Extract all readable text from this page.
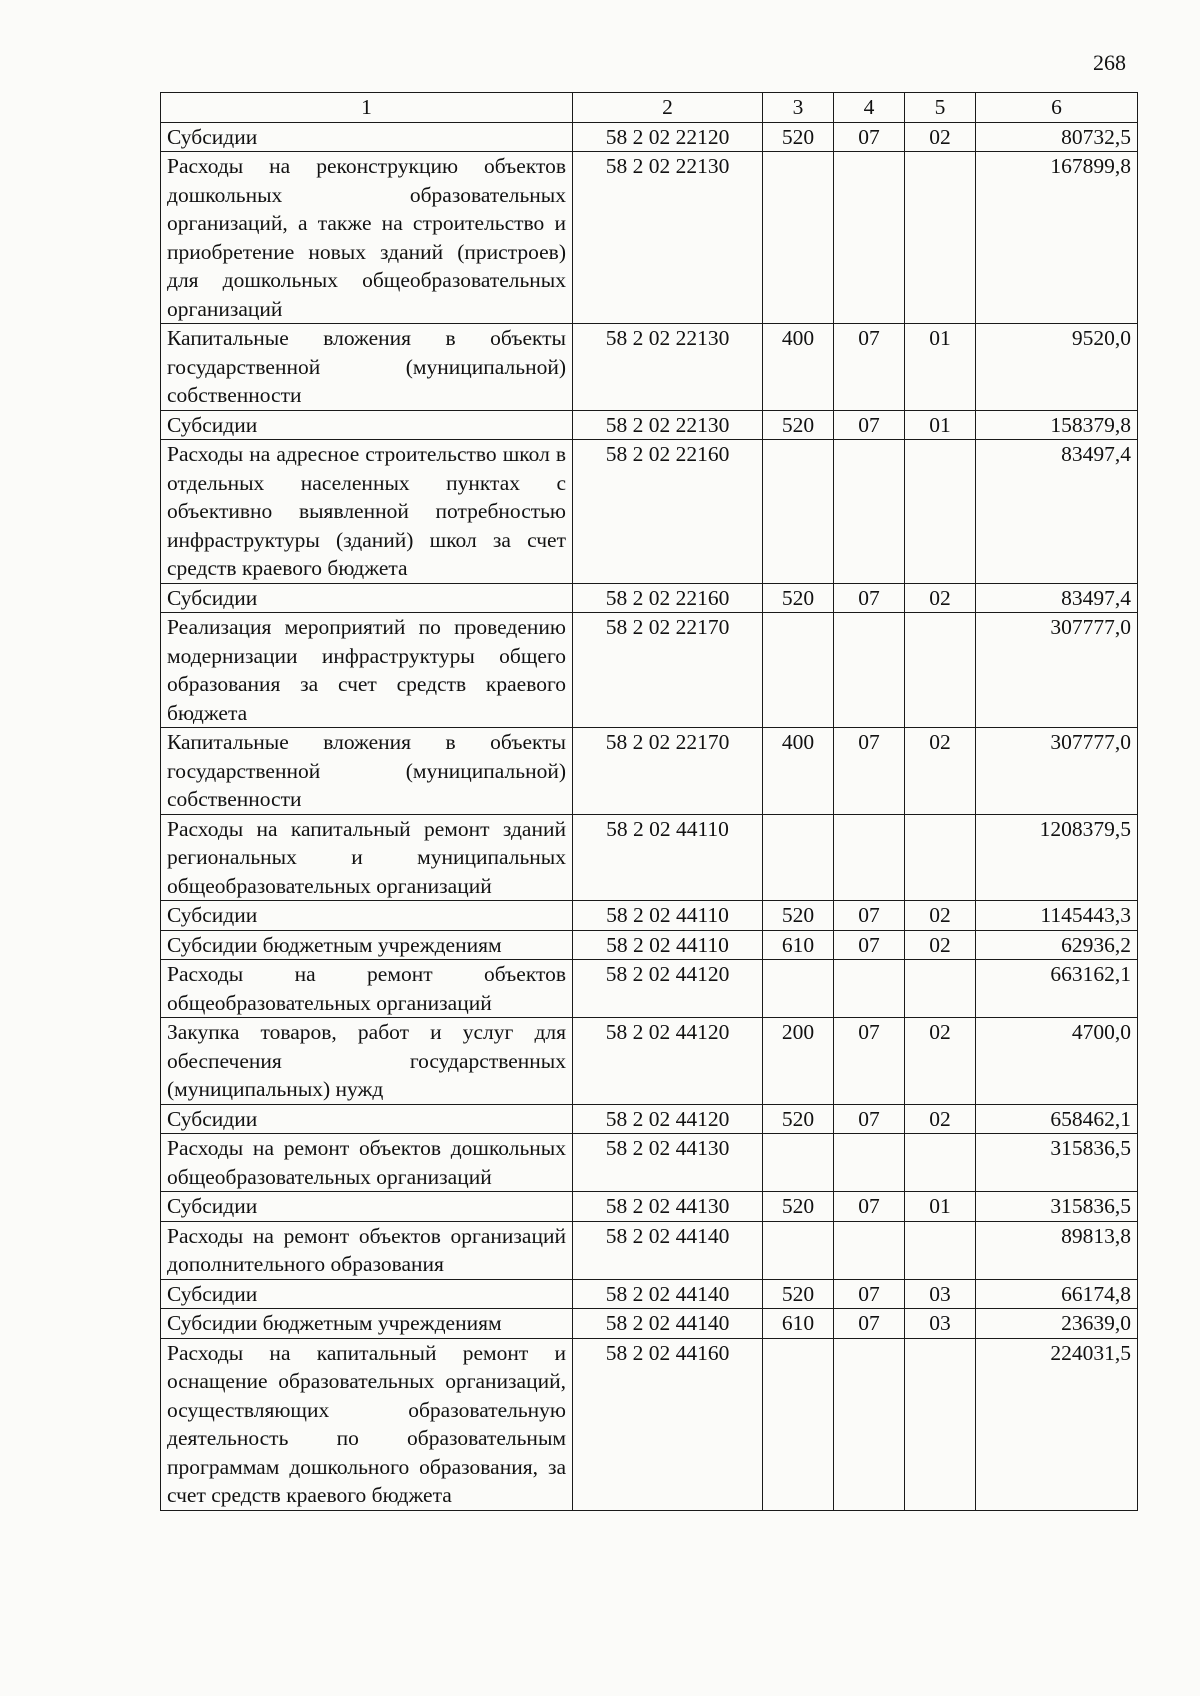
268
1	2	3	4	5	6
Субсидии	58 2 02 22120	520	07	02	80732,5
Расходы на реконструкцию объектов дошкольных образовательных организаций, а также на строительство и приобретение новых зданий (пристроев) для дошкольных общеобразовательных организаций	58 2 02 22130				167899,8
Капитальные вложения в объекты государственной (муниципальной) собственности	58 2 02 22130	400	07	01	9520,0
Субсидии	58 2 02 22130	520	07	01	158379,8
Расходы на адресное строительство школ в отдельных населенных пунктах с объективно выявленной потребностью инфраструктуры (зданий) школ за счет средств краевого бюджета	58 2 02 22160				83497,4
Субсидии	58 2 02 22160	520	07	02	83497,4
Реализация мероприятий по проведению модернизации инфраструктуры общего образования за счет средств краевого бюджета	58 2 02 22170				307777,0
Капитальные вложения в объекты государственной (муниципальной) собственности	58 2 02 22170	400	07	02	307777,0
Расходы на капитальный ремонт зданий региональных и муниципальных общеобразовательных организаций	58 2 02 44110				1208379,5
Субсидии	58 2 02 44110	520	07	02	1145443,3
Субсидии бюджетным учреждениям	58 2 02 44110	610	07	02	62936,2
Расходы на ремонт объектов общеобразовательных организаций	58 2 02 44120				663162,1
Закупка товаров, работ и услуг для обеспечения государственных (муниципальных) нужд	58 2 02 44120	200	07	02	4700,0
Субсидии	58 2 02 44120	520	07	02	658462,1
Расходы на ремонт объектов дошкольных общеобразовательных организаций	58 2 02 44130				315836,5
Субсидии	58 2 02 44130	520	07	01	315836,5
Расходы на ремонт объектов организаций дополнительного образования	58 2 02 44140				89813,8
Субсидии	58 2 02 44140	520	07	03	66174,8
Субсидии бюджетным учреждениям	58 2 02 44140	610	07	03	23639,0
Расходы на капитальный ремонт и оснащение образовательных организаций, осуществляющих образовательную деятельность по образовательным программам дошкольного образования, за счет средств краевого бюджета	58 2 02 44160				224031,5
